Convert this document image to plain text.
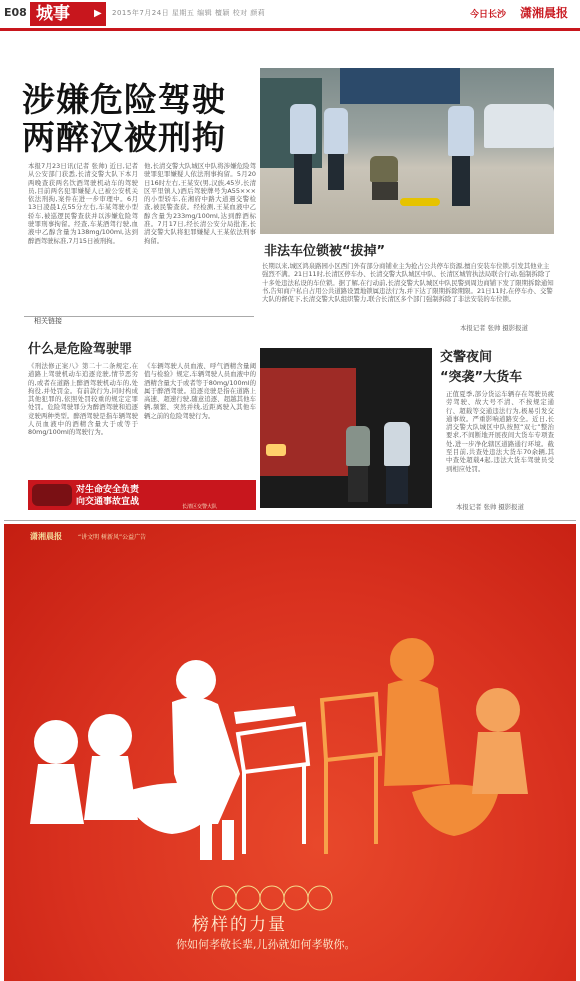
E08 城事	▶ 2015年7月24日 星期五 编辑 檀颖 校对 颜莉	今日长沙 潇湘晨报
涉嫌危险驾驶
两醉汉被刑拘
本报7月23日讯(记者 张帅) 近日,记者从公安部门获悉,长清交警大队下本月两晚查获两名饮酒驾驶机动车的驾驶员,目前两名犯罪嫌疑人已被公安机关依法刑拘,案件在进一步审理中。6月13日凌晨1点55分左右,车某驾驶小型轿车,被巡逻民警查获并以涉嫌危险驾驶罪刑事拘留。经查,车某酒驾行驶,血液中乙醇含量为138mg/100ml,达到醉酒驾驶标准,7月15日被刑拘。
他,长清交警大队城区中队将涉嫌危险驾驶罪犯罪嫌疑人依法刑事拘留。5月20日16时左右,王某安(男,汉族,45岁,长清区平里镇人)酒后驾驶牌号为A55×××的小型轿车,在湘府中路大道遇交警检查,被民警查获。经检测,王某血液中乙醇含量为233mg/100ml,达到醉酒标准。7月17日,经长清公安分局批准,长清交警大队将犯罪嫌疑人王某依法刑事拘留。
相关链接
什么是危险驾驶罪
《刑法修正案八》第二十二条规定,在道路上驾驶机动车追逐竞驶,情节恶劣的,或者在道路上醉酒驾驶机动车的,处拘役,并处罚金。有前款行为,同时构成其他犯罪的,依照处罚较重的规定定罪处罚。危险驾驶罪分为醉酒驾驶和追逐竞驶两种类型。醉酒驾驶是指车辆驾驶人员血液中的酒精含量大于或等于80mg/100ml的驾驶行为。
《车辆驾驶人员血液、呼气酒精含量阈值与检验》规定,车辆驾驶人员血液中的酒精含量大于或者等于80mg/100ml的属于醉酒驾驶。追逐竞驶是指在道路上高速、超速行驶,随意追逐、超越其他车辆,频繁、突然并线,近距离驶入其他车辆之前的危险驾驶行为。
对生命安全负责
向交通事故宣战	长清区交警大队
非法车位锁被“拔掉”
长期以来,城区鸿泉路园小区西门外有部分商铺业主为抢占公共停车资源,擅自安装车位锁,引发其他业主强烈不满。21日11时,长清区停车办、长清交警大队城区中队、长清区城管执法局联合行动,强制拆除了十多处违法私设的车位锁。据了解,在行动前,长清交警大队城区中队民警到周边商铺下发了限期拆除通知书,告知商户私自占用公共道路设置地锁属违法行为,并下达了限期拆除期限。21日11时,在停车办、交警大队的督促下,长清交警大队组织警力,联合长清区多个部门强制拆除了非法安装的车位锁。
本报记者 张帅 摄影报道
交警夜间
“突袭”大货车
正值夏季,部分货运车辆存在驾驶员疲劳驾驶、故大号不清、不按规定通行、超载等交通违法行为,极易引发交通事故。严重影响道路安全。近日,长清交警大队城区中队按照“双七”整治要求,不间断地开展夜间大货车专项查处,进一步净化辖区道路通行环境。截至目前,共查处违法大货车70余辆,其中查处超载4起,违法大货车驾驶员受到相应处罚。
本报记者 张帅 摄影报道
潇湘晨报	“讲文明 树新风”公益广告
榜样的力量
你如何孝敬长辈,儿孙就如何孝敬你。
